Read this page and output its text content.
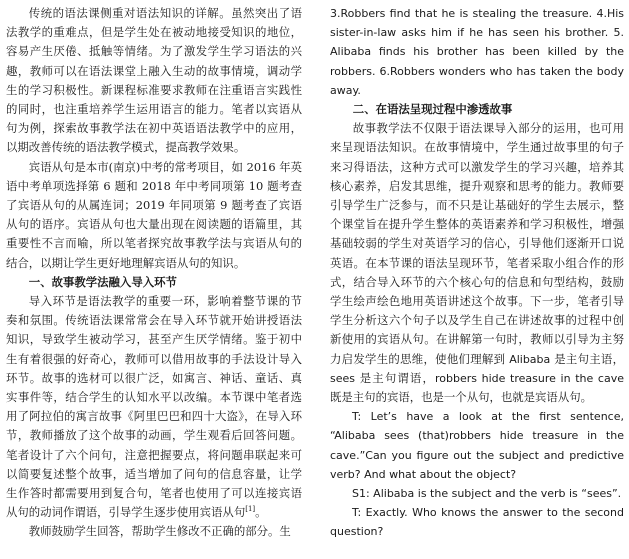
传统的语法课侧重对语法知识的详解。虽然突出了语法教学的重难点，但是学生处在被动地接受知识的地位，容易产生厌倦、抵触等情绪。为了激发学生学习语法的兴趣，教师可以在语法课堂上融入生动的故事情境，调动学生的学习积极性。新课程标准要求教师在注重语言实践性的同时，也注重培养学生运用语言的能力。笔者以宾语从句为例，探索故事教学法在初中英语语法教学中的应用，以期改善传统的语法教学模式，提高教学效果。

宾语从句是本市(南京)中考的常考项目，如 2016 年英语中考单项选择第 6 题和 2018 年中考同项第 10 题考查了宾语从句的从属连词；2019 年同项第 9 题考查了宾语从句的语序。宾语从句也大量出现在阅读题的语篇里，其重要性不言而喻，所以笔者探究故事教学法与宾语从句的结合，以期让学生更好地理解宾语从句的知识。

一、故事教学法融入导入环节

导入环节是语法教学的重要一环，影响着整节课的节奏和氛围。传统语法课常常会在导入环节就开始讲授语法知识，导致学生被动学习，甚至产生厌学情绪。鉴于初中生有着很强的好奇心，教师可以借用故事的手法设计导入环节。故事的选材可以很广泛，如寓言、神话、童话、真实事件等，结合学生的认知水平以改编。本节课中笔者选用了阿拉伯的寓言故事《阿里巴巴和四十大盗》，在导入环节，教师播放了这个故事的动画，学生观看后回答问题。笔者设计了六个问句，注意把握要点，将问题串联起来可以简要复述整个故事，适当增加了问句的信息容量，让学生作答时都需要用到复合句，笔者也使用了可以连接宾语从句的动词作谓语，引导学生逐步使用宾语从句[1]。

教师鼓励学生回答，帮助学生修改不正确的部分。生

3.Robbers find that he is stealing the treasure. 4.His sister-in-law asks him if he has seen his brother. 5. Alibaba finds his brother has been killed by the robbers. 6.Robbers wonders who has taken the body away.

二、在语法呈现过程中渗透故事

故事教学法不仅限于语法课导入部分的运用，也可用来呈现语法知识。在故事情境中，学生通过故事里的句子来习得语法，这种方式可以激发学生的学习兴趣，培养其核心素养，启发其思维，提升观察和思考的能力。教师要引导学生广泛参与，而不只是让基础好的学生去展示，整个课堂旨在提升学生整体的英语素养和学习积极性，增强基础较弱的学生对英语学习的信心，引导他们逐渐开口说英语。在本节课的语法呈现环节，笔者采取小组合作的形式，结合导入环节的六个核心句的信息和句型结构，鼓励学生绘声绘色地用英语讲述这个故事。下一步，笔者引导学生分析这六个句子以及学生自己在讲述故事的过程中创新使用的宾语从句。在讲解第一句时，教师以引导为主努力启发学生的思维，使他们理解到 Alibaba 是主句主语，sees 是主句谓语，robbers hide treasure in the cave 既是主句的宾语，也是一个从句，也就是宾语从句。

T: Let’s have a look at the first sentence, “Alibaba sees (that)robbers hide treasure in the cave.”Can you figure out the subject and predictive verb? And what about the object?

S1: Alibaba is the subject and the verb is “sees”.

T: Exactly. Who knows the answer to the second question?
